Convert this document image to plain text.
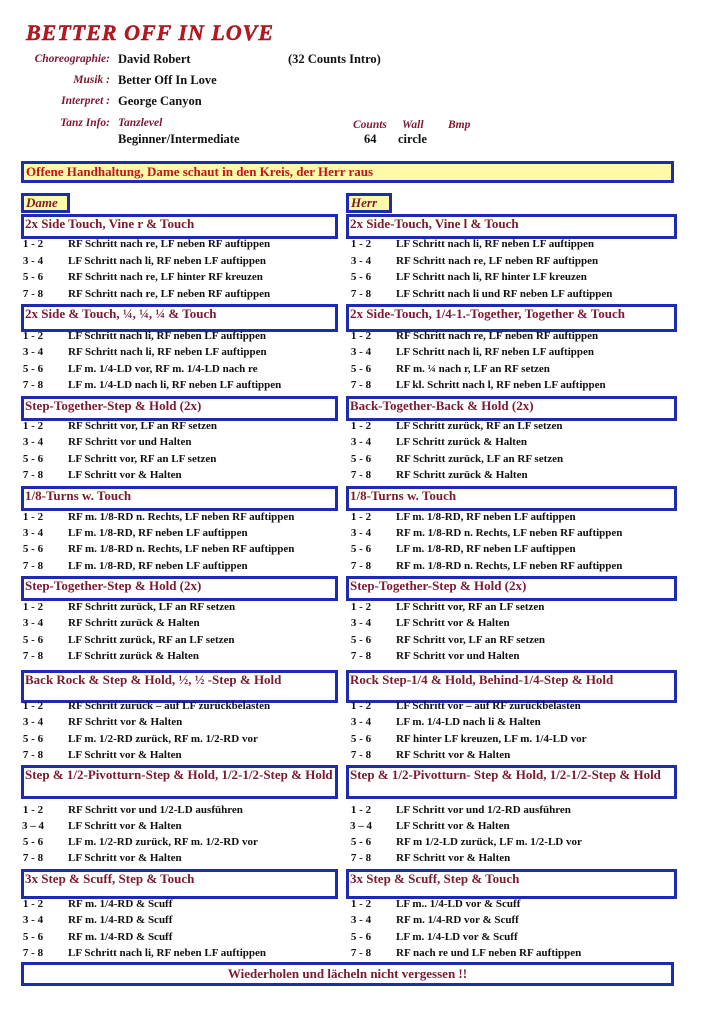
BETTER OFF IN LOVE
Choreographie: David Robert	(32 Counts Intro)
Musik : Better Off In Love
Interpret : George Canyon
Tanz Info: Tanzlevel
Beginner/Intermediate
Counts
64
Wall
circle
Bmp
Offene Handhaltung, Dame schaut in den Kreis, der Herr raus
Dame	Herr
2x Side Touch, Vine r & Touch
1 - 2	RF Schritt nach re, LF neben RF auftippen
3 - 4	LF Schritt nach li, RF neben LF auftippen
5 - 6	RF Schritt nach re, LF hinter RF kreuzen
7 - 8	RF Schritt nach re, LF neben RF auftippen
2x Side-Touch, Vine l & Touch
1 - 2	LF Schritt nach li, RF neben LF auftippen
3 - 4	RF Schritt nach re, LF neben RF auftippen
5 - 6	LF Schritt nach li, RF hinter LF kreuzen
7 - 8	LF Schritt nach li und RF neben LF auftippen
2x Side & Touch, ¼, ¼, ¼ & Touch
1 - 2	LF Schritt nach li, RF neben LF auftippen
3 - 4	RF Schritt nach li, RF neben LF auftippen
5 - 6	LF m. 1/4-LD vor, RF m. 1/4-LD nach re
7 - 8	LF m. 1/4-LD nach li, RF neben LF auftippen
2x Side-Touch, 1/4-1.-Together, Together & Touch
1 - 2	RF Schritt nach re, LF neben RF auftippen
3 - 4	LF Schritt nach li, RF neben LF auftippen
5 - 6	RF m. ¼ nach r, LF an RF setzen
7 - 8	LF kl. Schritt nach l, RF neben LF auftippen
Step-Together-Step & Hold (2x)
1 - 2	RF Schritt vor, LF an RF setzen
3 - 4	RF Schritt vor und Halten
5 - 6	LF Schritt vor, RF an LF setzen
7 - 8	LF Schritt vor & Halten
Back-Together-Back & Hold (2x)
1 - 2	LF Schritt zurück, RF an LF setzen
3 - 4	LF Schritt zurück & Halten
5 - 6	RF Schritt zurück, LF an RF setzen
7 - 8	RF Schritt zurück & Halten
1/8-Turns w. Touch
1 - 2	RF m. 1/8-RD n. Rechts, LF neben RF auftippen
3 - 4	LF m. 1/8-RD, RF neben LF auftippen
5 - 6	RF m. 1/8-RD n. Rechts, LF neben RF auftippen
7 - 8	LF m. 1/8-RD, RF neben LF auftippen
1/8-Turns w. Touch
1 - 2	LF m. 1/8-RD, RF neben LF auftippen
3 - 4	RF m. 1/8-RD n. Rechts, LF neben RF auftippen
5 - 6	LF m. 1/8-RD, RF neben LF auftippen
7 - 8	RF m. 1/8-RD n. Rechts, LF neben RF auftippen
Step-Together-Step & Hold (2x)
1 - 2	RF Schritt zurück, LF an RF setzen
3 - 4	RF Schritt zurück & Halten
5 - 6	LF Schritt zurück, RF an LF setzen
7 - 8	LF Schritt zurück & Halten
Step-Together-Step & Hold (2x)
1 - 2	LF Schritt vor, RF an LF setzen
3 - 4	LF Schritt vor & Halten
5 - 6	RF Schritt vor, LF an RF setzen
7 - 8	RF Schritt vor und Halten
Back Rock & Step & Hold, ½, ½ -Step & Hold
1 - 2	RF Schritt zurück – auf LF zurückbelasten
3 - 4	RF Schritt vor & Halten
5 - 6	LF m. 1/2-RD zurück, RF m. 1/2-RD vor
7 - 8	LF Schritt vor & Halten
Rock Step-1/4 & Hold, Behind-1/4-Step & Hold
1 - 2	LF Schritt vor – auf RF zurückbelasten
3 - 4	LF m. 1/4-LD nach li & Halten
5 - 6	RF hinter LF kreuzen, LF m. 1/4-LD vor
7 - 8	RF Schritt vor & Halten
Step & 1/2-Pivotturn-Step & Hold, 1/2-1/2-Step & Hold
1 - 2	RF Schritt vor und 1/2-LD ausführen
3 – 4	LF Schritt vor & Halten
5 - 6	LF m. 1/2-RD zurück, RF m. 1/2-RD vor
7 - 8	LF Schritt vor & Halten
Step & 1/2-Pivotturn- Step & Hold, 1/2-1/2-Step & Hold
1 - 2	LF Schritt vor und 1/2-RD ausführen
3 – 4	LF Schritt vor & Halten
5 - 6	RF m 1/2-LD zurück, LF m. 1/2-LD vor
7 - 8	RF Schritt vor & Halten
3x Step & Scuff, Step & Touch
1 - 2	RF m. 1/4-RD & Scuff
3 - 4	RF m. 1/4-RD & Scuff
5 - 6	RF m. 1/4-RD & Scuff
7 - 8	LF Schritt nach li, RF neben LF auftippen
3x Step & Scuff, Step & Touch
1 - 2	LF m.. 1/4-LD vor & Scuff
3 - 4	RF m. 1/4-RD vor & Scuff
5 - 6	LF m. 1/4-LD vor & Scuff
7 - 8	RF nach re und LF neben RF auftippen
Wiederholen und lächeln nicht vergessen !!
